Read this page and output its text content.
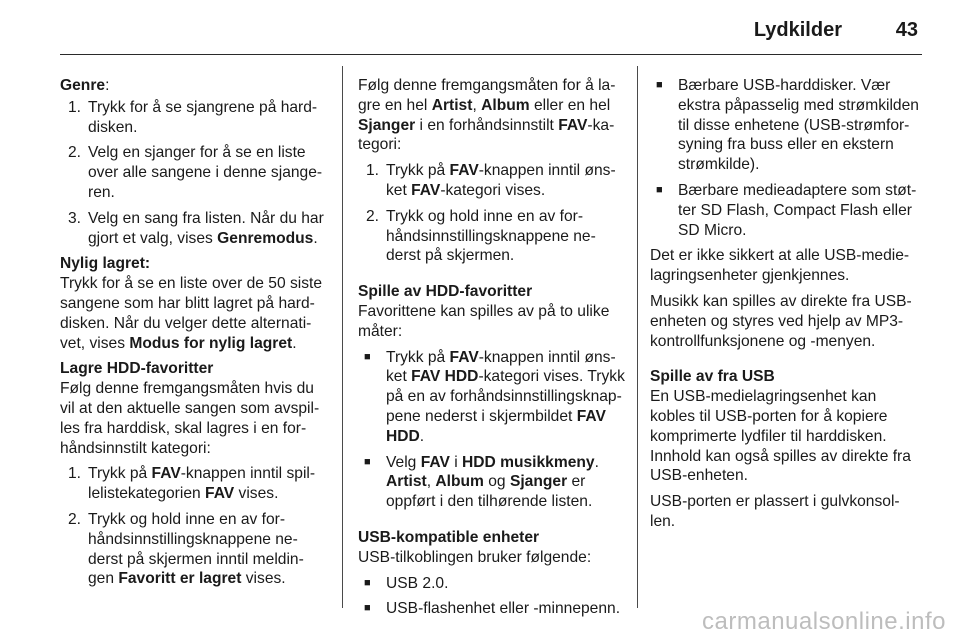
Lydkilder	43

Genre:

1. Trykk for å se sjangrene på hard-disken.
2. Velg en sjanger for å se en liste over alle sangene i denne sjange-ren.
3. Velg en sang fra listen. Når du har gjort et valg, vises Genremodus.

Nylig lagret:

Trykk for å se en liste over de 50 siste sangene som har blitt lagret på hard-disken. Når du velger dette alternati-vet, vises Modus for nylig lagret.

Lagre HDD-favoritter

Følg denne fremgangsmåten hvis du vil at den aktuelle sangen som avspil-les fra harddisk, skal lagres i en for-håndsinnstilt kategori:

1. Trykk på FAV-knappen inntil spil-lelistekategorien FAV vises.
2. Trykk og hold inne en av for-håndsinnstillingsknappene ne-derst på skjermen inntil meldin-gen Favoritt er lagret vises.

Følg denne fremgangsmåten for å la-gre en hel Artist, Album eller en hel Sjanger i en forhåndsinnstilt FAV-ka-tegori:

1. Trykk på FAV-knappen inntil øns-ket FAV-kategori vises.
2. Trykk og hold inne en av for-håndsinnstillingsknappene ne-derst på skjermen.

Spille av HDD-favoritter

Favorittene kan spilles av på to ulike måter:

■ Trykk på FAV-knappen inntil øns-ket FAV HDD-kategori vises. Trykk på en av forhåndsinnstillingsknap-pene nederst i skjermbildet FAV HDD.
■ Velg FAV i HDD musikkmeny. Artist, Album og Sjanger er oppført i den tilhørende listen.

USB-kompatible enheter

USB-tilkoblingen bruker følgende:

■ USB 2.0.
■ USB-flashenhet eller -minnepenn.
■ Bærbare USB-harddisker. Vær ekstra påpasselig med strømkilden til disse enhetene (USB-strømfor-syning fra buss eller en ekstern strømkilde).
■ Bærbare medieadaptere som støt-ter SD Flash, Compact Flash eller SD Micro.

Det er ikke sikkert at alle USB-medie-lagringsenheter gjenkjennes.

Musikk kan spilles av direkte fra USB-enheten og styres ved hjelp av MP3-kontrollfunksjonene og -menyen.

Spille av fra USB

En USB-medielagringsenhet kan kobles til USB-porten for å kopiere komprimerte lydfiler til harddisken. Innhold kan også spilles av direkte fra USB-enheten.

USB-porten er plassert i gulvkonsol-len.

carmanualsonline.info
